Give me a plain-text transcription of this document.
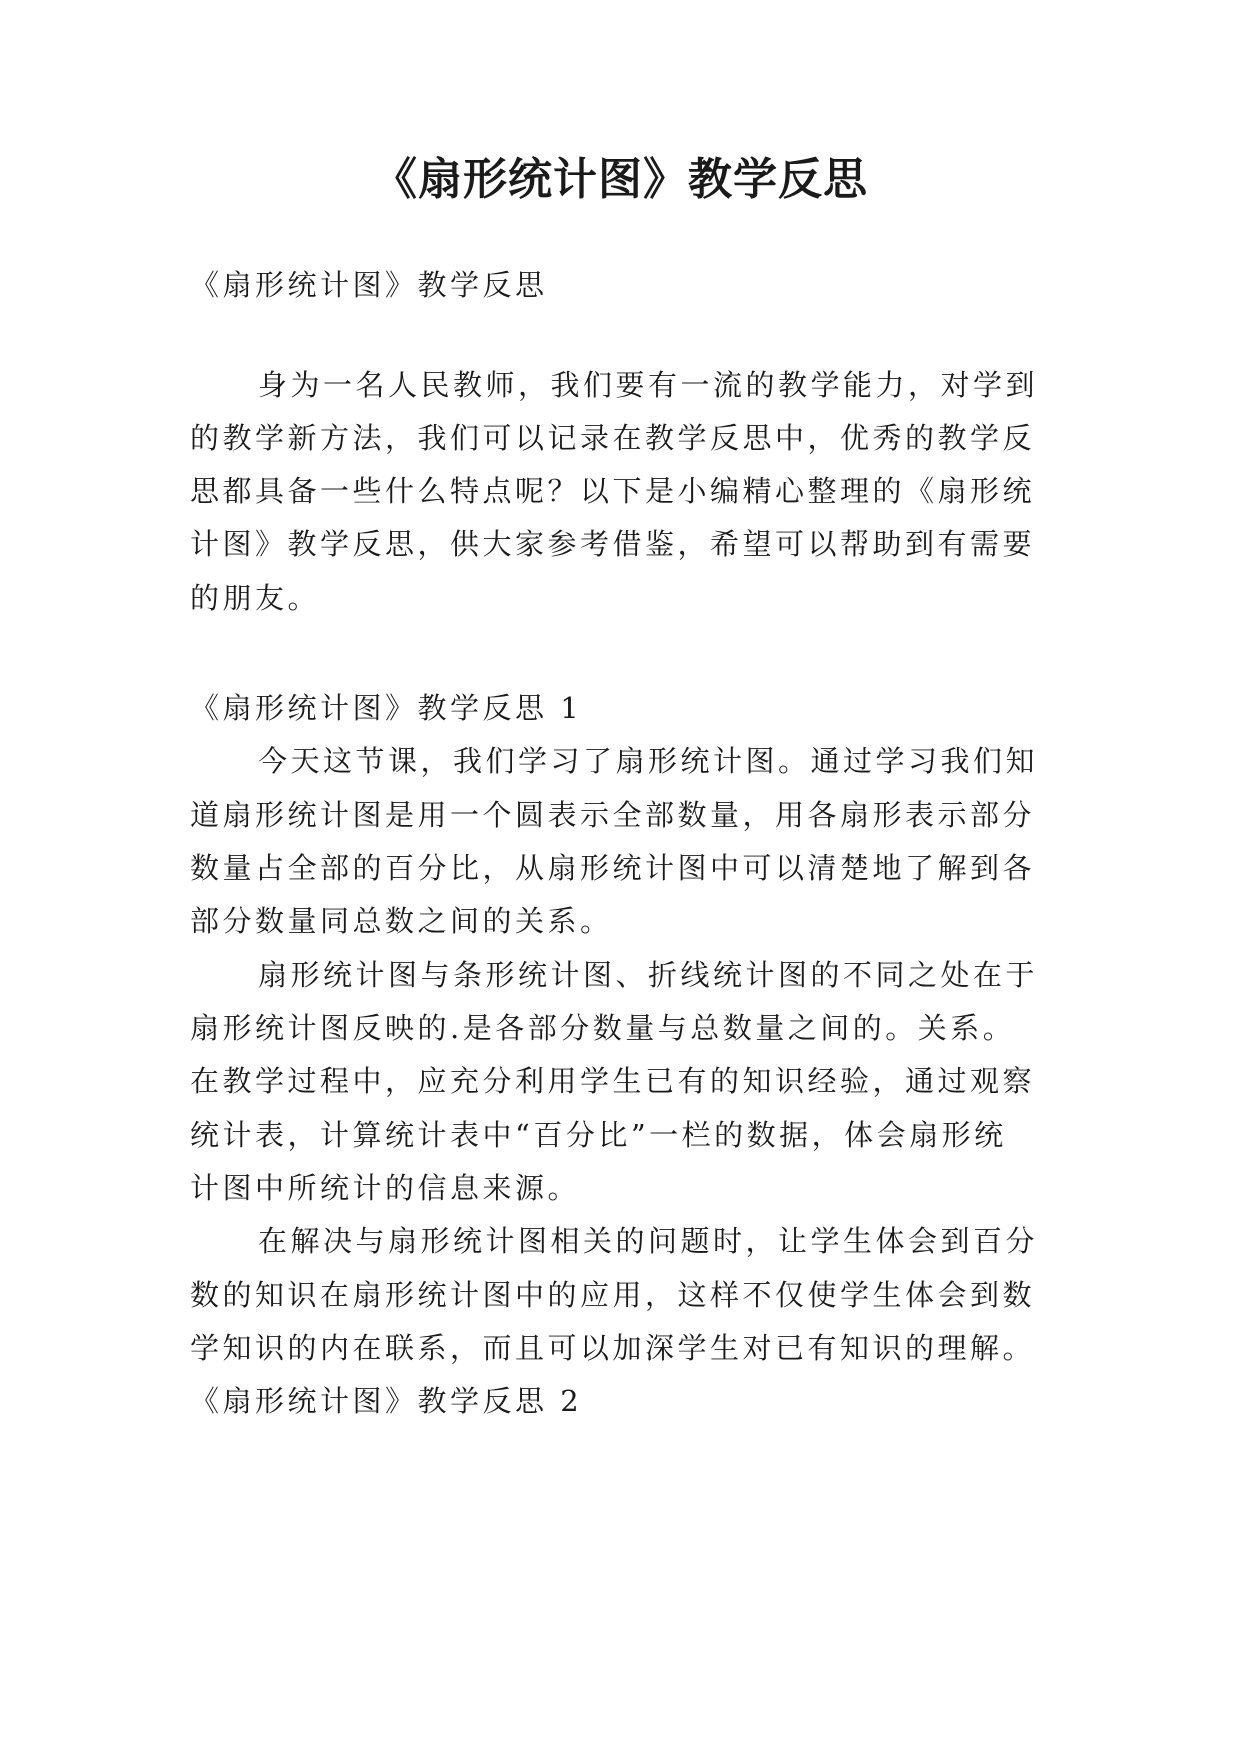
《扇形统计图》教学反思

《扇形统计图》教学反思

身为一名人民教师，我们要有一流的教学能力，对学到

的教学新方法，我们可以记录在教学反思中，优秀的教学反

思都具备一些什么特点呢？以下是小编精心整理的《扇形统

计图》教学反思，供大家参考借鉴，希望可以帮助到有需要

的朋友。

《扇形统计图》教学反思 1

今天这节课，我们学习了扇形统计图。通过学习我们知

道扇形统计图是用一个圆表示全部数量，用各扇形表示部分

数量占全部的百分比，从扇形统计图中可以清楚地了解到各

部分数量同总数之间的关系。

扇形统计图与条形统计图、折线统计图的不同之处在于

扇形统计图反映的.是各部分数量与总数量之间的。关系。

在教学过程中，应充分利用学生已有的知识经验，通过观察

统计表，计算统计表中“百分比”一栏的数据，体会扇形统

计图中所统计的信息来源。

在解决与扇形统计图相关的问题时，让学生体会到百分

数的知识在扇形统计图中的应用，这样不仅使学生体会到数

学知识的内在联系，而且可以加深学生对已有知识的理解。

《扇形统计图》教学反思 2
